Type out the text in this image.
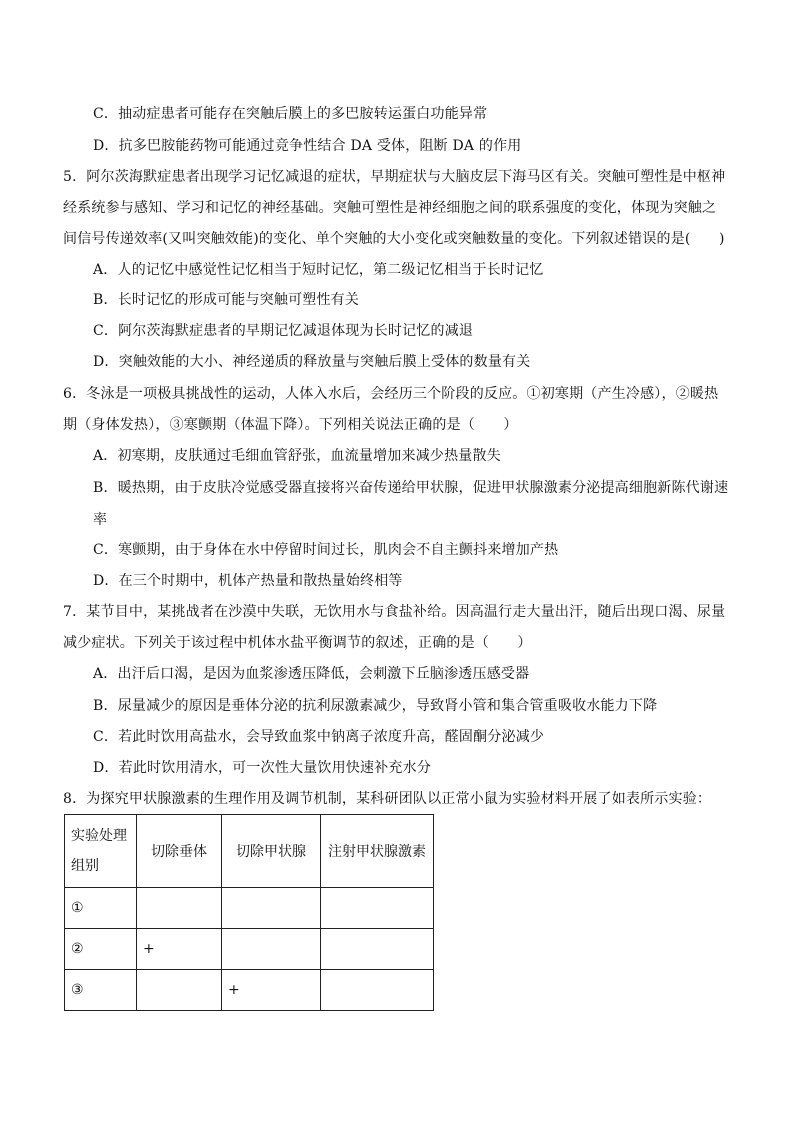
C．抽动症患者可能存在突触后膜上的多巴胺转运蛋白功能异常
D．抗多巴胺能药物可能通过竞争性结合 DA 受体，阻断 DA 的作用
5．阿尔茨海默症患者出现学习记忆减退的症状，早期症状与大脑皮层下海马区有关。突触可塑性是中枢神
经系统参与感知、学习和记忆的神经基础。突触可塑性是神经细胞之间的联系强度的变化，体现为突触之
间信号传递效率(又叫突触效能)的变化、单个突触的大小变化或突触数量的变化。下列叙述错误的是(　　)
A．人的记忆中感觉性记忆相当于短时记忆，第二级记忆相当于长时记忆
B．长时记忆的形成可能与突触可塑性有关
C．阿尔茨海默症患者的早期记忆减退体现为长时记忆的减退
D．突触效能的大小、神经递质的释放量与突触后膜上受体的数量有关
6．冬泳是一项极具挑战性的运动，人体入水后，会经历三个阶段的反应。①初寒期（产生冷感），②暖热
期（身体发热），③寒颤期（体温下降）。下列相关说法正确的是（　　）
A．初寒期，皮肤通过毛细血管舒张，血流量增加来减少热量散失
B．暖热期，由于皮肤冷觉感受器直接将兴奋传递给甲状腺，促进甲状腺激素分泌提高细胞新陈代谢速
率
C．寒颤期，由于身体在水中停留时间过长，肌肉会不自主颤抖来增加产热
D．在三个时期中，机体产热量和散热量始终相等
7．某节目中，某挑战者在沙漠中失联，无饮用水与食盐补给。因高温行走大量出汗，随后出现口渴、尿量
减少症状。下列关于该过程中机体水盐平衡调节的叙述，正确的是（　　）
A．出汗后口渴，是因为血浆渗透压降低，会刺激下丘脑渗透压感受器
B．尿量减少的原因是垂体分泌的抗利尿激素减少，导致肾小管和集合管重吸收水能力下降
C．若此时饮用高盐水，会导致血浆中钠离子浓度升高，醛固酮分泌减少
D．若此时饮用清水，可一次性大量饮用快速补充水分
8．为探究甲状腺激素的生理作用及调节机制，某科研团队以正常小鼠为实验材料开展了如表所示实验：
实验处理
组别	切除垂体	切除甲状腺	注射甲状腺激素
①			
②	+		
③		+	
